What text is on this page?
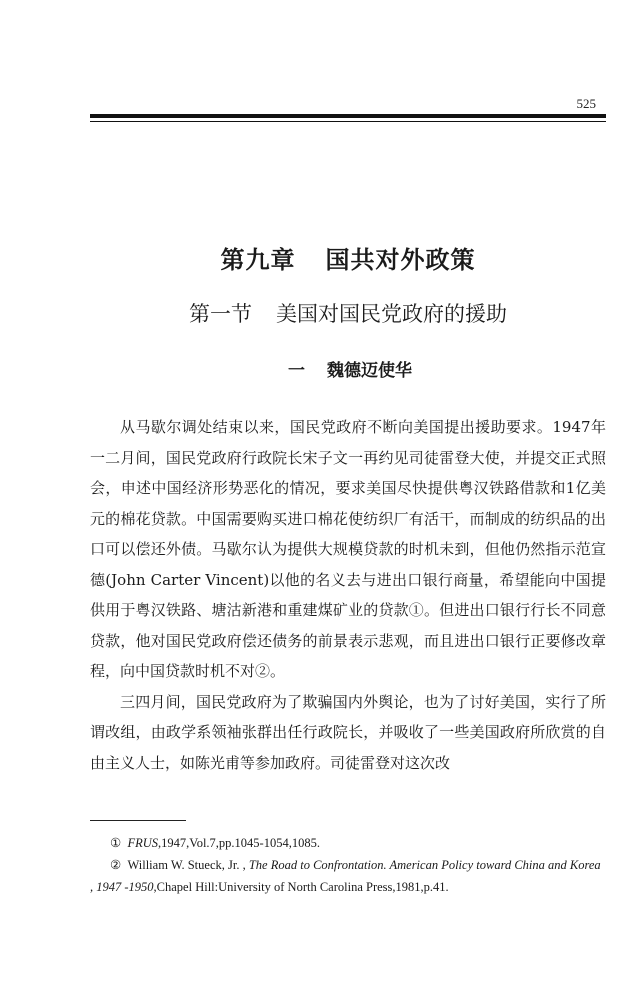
525
第九章 国共对外政策
第一节 美国对国民党政府的援助
一 魏德迈使华

从马歇尔调处结束以来，国民党政府不断向美国提出援助要求。1947年一二月间，国民党政府行政院长宋子文一再约见司徒雷登大使，并提交正式照会，申述中国经济形势恶化的情况，要求美国尽快提供粤汉铁路借款和1亿美元的棉花贷款。中国需要购买进口棉花使纺织厂有活干，而制成的纺织品的出口可以偿还外债。马歇尔认为提供大规模贷款的时机未到，但他仍然指示范宣德(John Carter Vincent)以他的名义去与进出口银行商量，希望能向中国提供用于粤汉铁路、塘沽新港和重建煤矿业的贷款①。但进出口银行行长不同意贷款，他对国民党政府偿还债务的前景表示悲观，而且进出口银行正要修改章程，向中国贷款时机不对②。

三四月间，国民党政府为了欺骗国内外舆论，也为了讨好美国，实行了所谓改组，由政学系领袖张群出任行政院长，并吸收了一些美国政府所欣赏的自由主义人士，如陈光甫等参加政府。司徒雷登对这次改

① FRUS,1947,Vol.7,pp.1045-1054,1085.

② William W. Stueck, Jr. , The Road to Confrontation. American Policy toward China and Korea , 1947 -1950,Chapel Hill:University of North Carolina Press,1981,p.41.
